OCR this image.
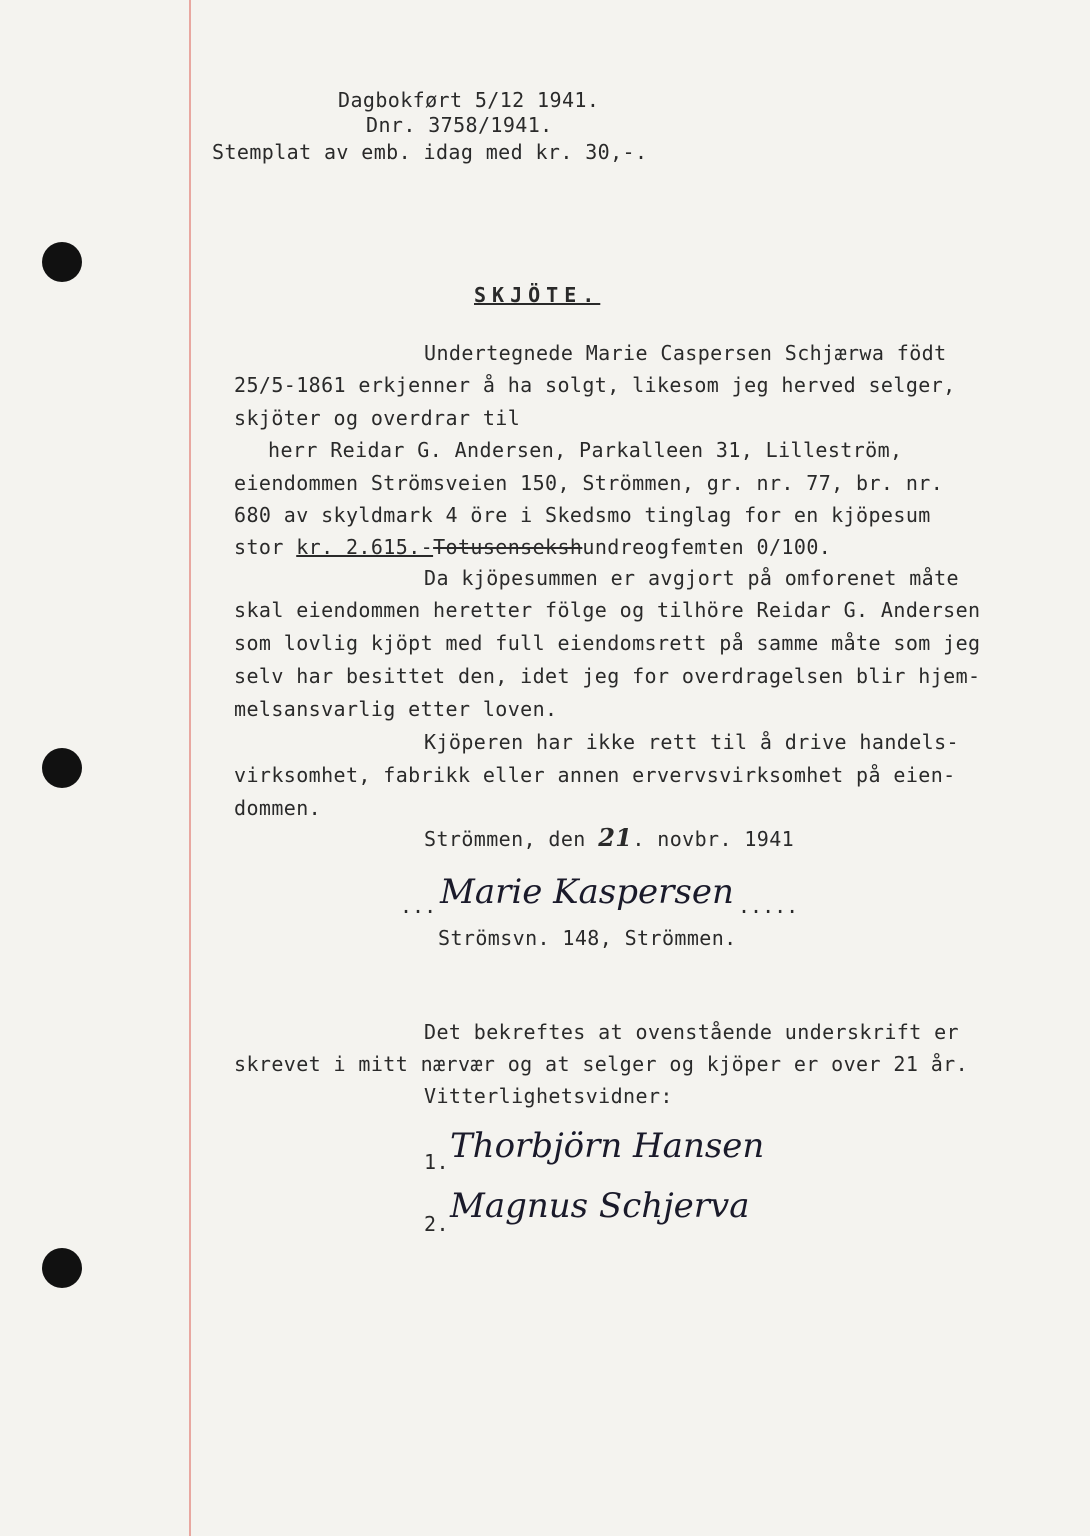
Dagbokført 5/12 1941.
Dnr. 3758/1941.
Stemplat av emb. idag med kr. 30,-.
SKJÖTE.
Undertegnede Marie Caspersen Schjærwa födt
25/5-1861 erkjenner å ha solgt, likesom jeg herved selger,
skjöter og overdrar til
herr Reidar G. Andersen, Parkalleen 31, Lilleström,
eiendommen Strömsveien 150, Strömmen, gr. nr. 77, br. nr.
680 av skyldmark 4 öre i Skedsmo tinglag for en kjöpesum
stor kr. 2.615.-Totusensekshundreogfemten 0/100.
Da kjöpesummen er avgjort på omforenet måte
skal eiendommen heretter fölge og tilhöre Reidar G. Andersen
som lovlig kjöpt med full eiendomsrett på samme måte som jeg
selv har besittet den, idet jeg for overdragelsen blir hjem-
melsansvarlig etter loven.
Kjöperen har ikke rett til å drive handels-
virksomhet, fabrikk eller annen ervervsvirksomhet på eien-
dommen.
Strömmen, den 21. novbr. 1941
... Marie Kaspersen .....
Strömsvn. 148, Strömmen.
Det bekreftes at ovenstående underskrift er
skrevet i mitt nærvær og at selger og kjöper er over 21 år.
Vitterlighetsvidner:
1. Thorbjörn Hansen
2. Magnus Schjerva
